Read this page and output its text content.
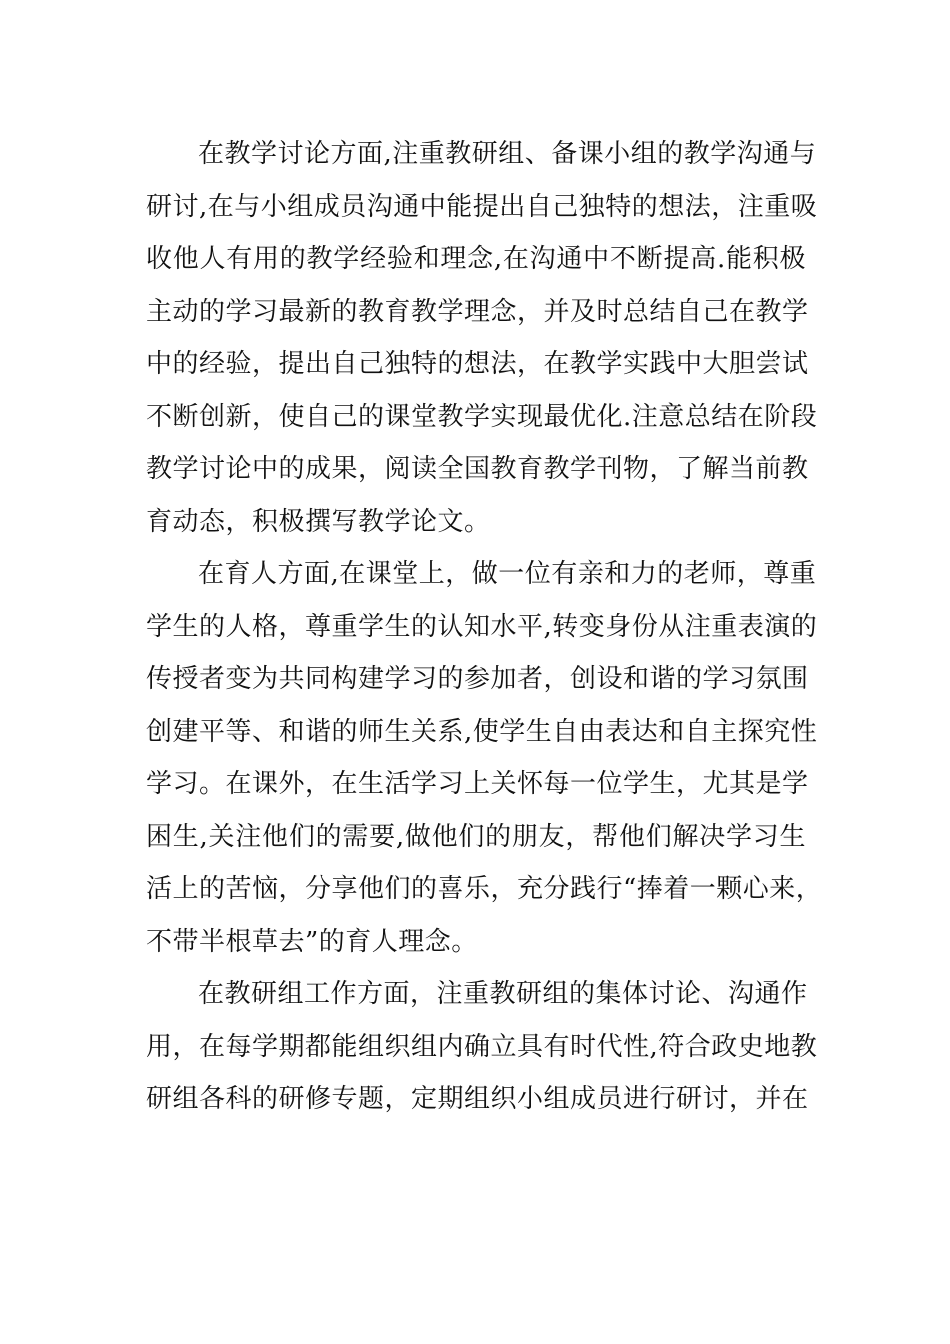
在教学讨论方面,注重教研组、备课小组的教学沟通与
研讨,在与小组成员沟通中能提出自己独特的想法，注重吸
收他人有用的教学经验和理念,在沟通中不断提高.能积极
主动的学习最新的教育教学理念，并及时总结自己在教学
中的经验，提出自己独特的想法，在教学实践中大胆尝试
不断创新，使自己的课堂教学实现最优化.注意总结在阶段
教学讨论中的成果，阅读全国教育教学刊物，了解当前教
育动态，积极撰写教学论文。

在育人方面,在课堂上，做一位有亲和力的老师，尊重
学生的人格，尊重学生的认知水平,转变身份从注重表演的
传授者变为共同构建学习的参加者，创设和谐的学习氛围
创建平等、和谐的师生关系,使学生自由表达和自主探究性
学习。在课外，在生活学习上关怀每一位学生，尤其是学
困生,关注他们的需要,做他们的朋友，帮他们解决学习生
活上的苦恼，分享他们的喜乐，充分践行“捧着一颗心来，
不带半根草去”的育人理念。

在教研组工作方面，注重教研组的集体讨论、沟通作
用，在每学期都能组织组内确立具有时代性,符合政史地教
研组各科的研修专题，定期组织小组成员进行研讨，并在
